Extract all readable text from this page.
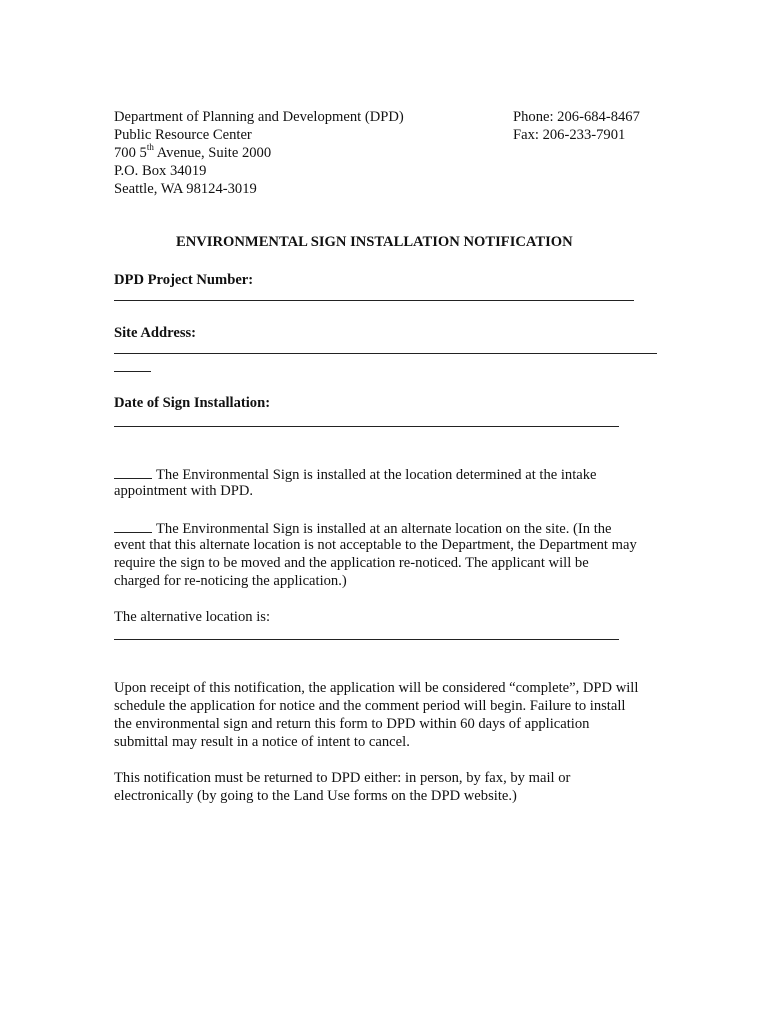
Department of Planning and Development (DPD)
Public Resource Center
700 5th Avenue, Suite 2000
P.O. Box 34019
Seattle, WA 98124-3019
Phone: 206-684-8467
Fax: 206-233-7901
ENVIRONMENTAL SIGN INSTALLATION NOTIFICATION
DPD Project Number:
Site Address:
Date of Sign Installation:
The Environmental Sign is installed at the location determined at the intake
appointment with DPD.
The Environmental Sign is installed at an alternate location on the site. (In the
event that this alternate location is not acceptable to the Department, the Department may
require the sign to be moved and the application re-noticed. The applicant will be
charged for re-noticing the application.)
The alternative location is:
Upon receipt of this notification, the application will be considered “complete”, DPD will
schedule the application for notice and the comment period will begin. Failure to install
the environmental sign and return this form to DPD within 60 days of application
submittal may result in a notice of intent to cancel.
This notification must be returned to DPD either: in person, by fax, by mail or
electronically (by going to the Land Use forms on the DPD website.)
